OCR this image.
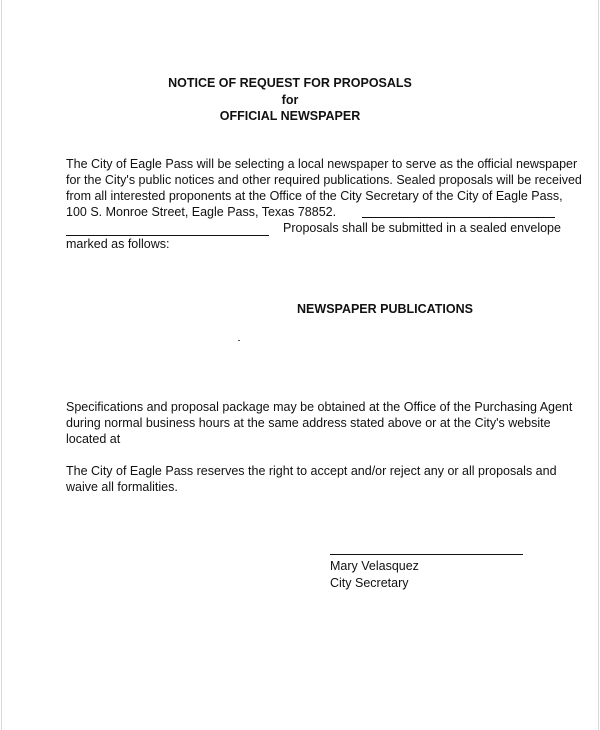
NOTICE OF REQUEST FOR PROPOSALS
for
OFFICIAL NEWSPAPER
The City of Eagle Pass will be selecting a local newspaper to serve as the official newspaper
for the City's public notices and other required publications. Sealed proposals will be received
from all interested proponents at the Office of the City Secretary of the City of Eagle Pass,
100 S. Monroe Street, Eagle Pass, Texas 78852.
Proposals shall be submitted in a sealed envelope
marked as follows:
NEWSPAPER PUBLICATIONS
Specifications and proposal package may be obtained at the Office of the Purchasing Agent
during normal business hours at the same address stated above or at the City's website
located at
The City of Eagle Pass reserves the right to accept and/or reject any or all proposals and
waive all formalities.
Mary Velasquez
City Secretary
